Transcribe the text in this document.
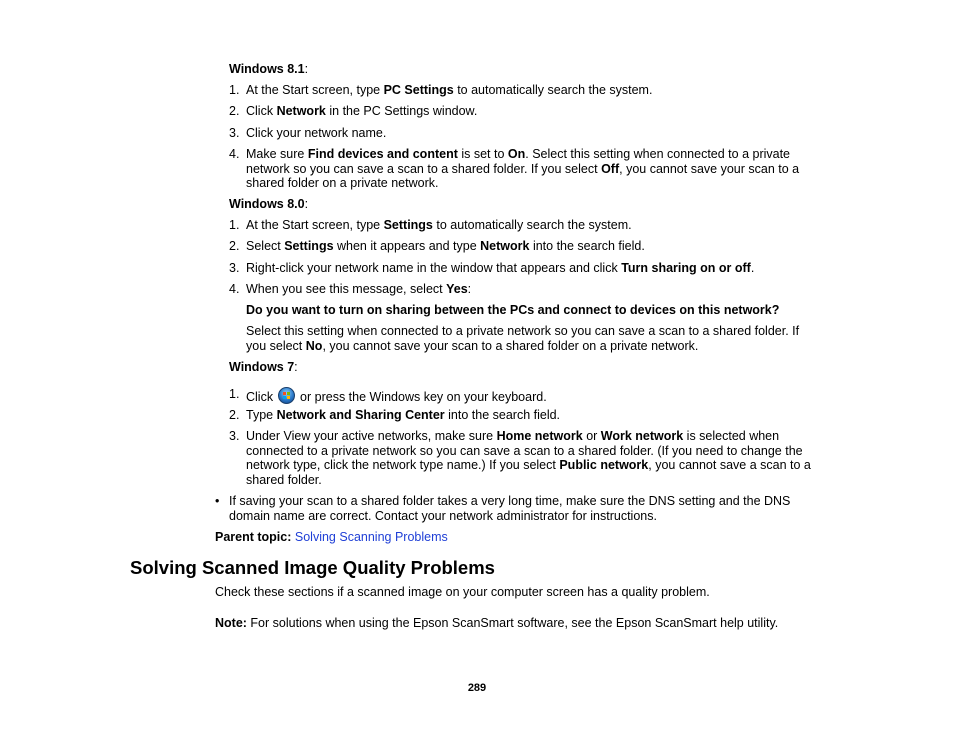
Windows 8.1:
1. At the Start screen, type PC Settings to automatically search the system.
2. Click Network in the PC Settings window.
3. Click your network name.
4. Make sure Find devices and content is set to On. Select this setting when connected to a private network so you can save a scan to a shared folder. If you select Off, you cannot save your scan to a shared folder on a private network.
Windows 8.0:
1. At the Start screen, type Settings to automatically search the system.
2. Select Settings when it appears and type Network into the search field.
3. Right-click your network name in the window that appears and click Turn sharing on or off.
4. When you see this message, select Yes:
Do you want to turn on sharing between the PCs and connect to devices on this network?
Select this setting when connected to a private network so you can save a scan to a shared folder. If you select No, you cannot save your scan to a shared folder on a private network.
Windows 7:
1. Click  or press the Windows key on your keyboard.
2. Type Network and Sharing Center into the search field.
3. Under View your active networks, make sure Home network or Work network is selected when connected to a private network so you can save a scan to a shared folder. (If you need to change the network type, click the network type name.) If you select Public network, you cannot save a scan to a shared folder.
• If saving your scan to a shared folder takes a very long time, make sure the DNS setting and the DNS domain name are correct. Contact your network administrator for instructions.
Parent topic: Solving Scanning Problems
Solving Scanned Image Quality Problems
Check these sections if a scanned image on your computer screen has a quality problem.
Note: For solutions when using the Epson ScanSmart software, see the Epson ScanSmart help utility.
289
